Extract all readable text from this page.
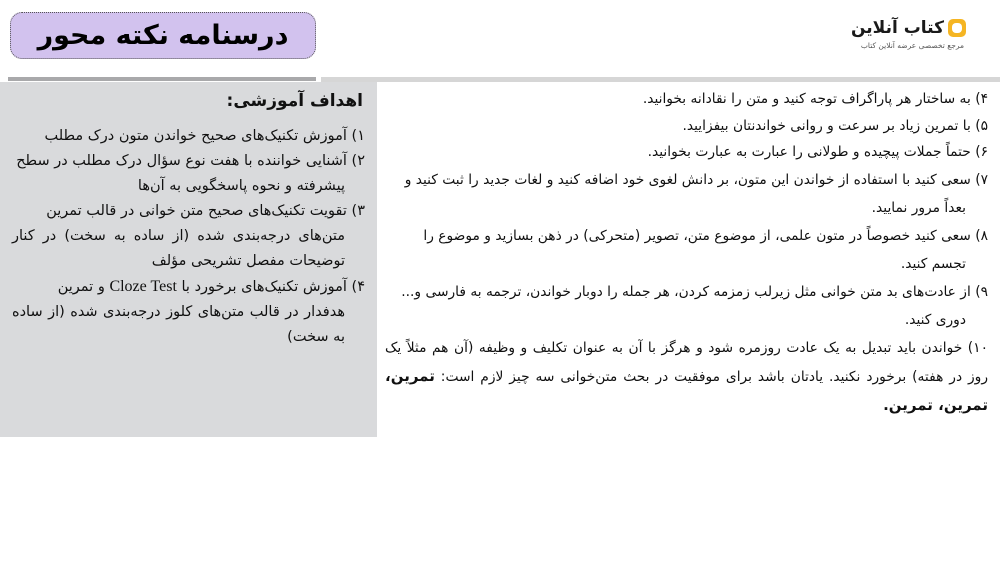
درسنامه نکته محور	کتاب آنلاین
مرجع تخصصی عرضه آنلاین کتاب
اهداف آموزشی:

۱) آموزش تکنیک‌های صحیح خواندن متون درک مطلب

۲) آشنایی خواننده با هفت نوع سؤال درک مطلب در سطح
پیشرفته و نحوه پاسخگویی به آن‌ها

۳) تقویت تکنیک‌های صحیح متن خوانی در قالب تمرین
متن‌های درجه‌بندی شده (از ساده به سخت) در کنار توضیحات مفصل تشریحی مؤلف

۴) آموزش تکنیک‌های برخورد با Cloze Test و تمرین
هدفدار در قالب متن‌های کلوز درجه‌بندی شده (از ساده به سخت)

۴) به ساختار هر پاراگراف توجه کنید و متن را نقادانه بخوانید.

۵) با تمرین زیاد بر سرعت و روانی خواندنتان بیفزایید.

۶) حتماً جملات پیچیده و طولانی را عبارت به عبارت بخوانید.

۷) سعی کنید با استفاده از خواندن این متون، بر دانش لغوی خود اضافه کنید و لغات جدید را ثبت کنید و
بعداً مرور نمایید.

۸) سعی کنید خصوصاً در متون علمی، از موضوع متن، تصویر (متحرکی) در ذهن بسازید و موضوع را
تجسم کنید.

۹) از عادت‌های بد متن خوانی مثل زیرلب زمزمه کردن، هر جمله را دوبار خواندن، ترجمه به فارسی و...
دوری کنید.

۱۰) خواندن باید تبدیل به یک عادت روزمره شود و هرگز با آن به عنوان تکلیف و وظیفه (آن هم مثلاً یک روز در هفته) برخورد نکنید. یادتان باشد برای موفقیت در بحث متن‌خوانی سه چیز لازم است: تمرین، تمرین، تمرین.
